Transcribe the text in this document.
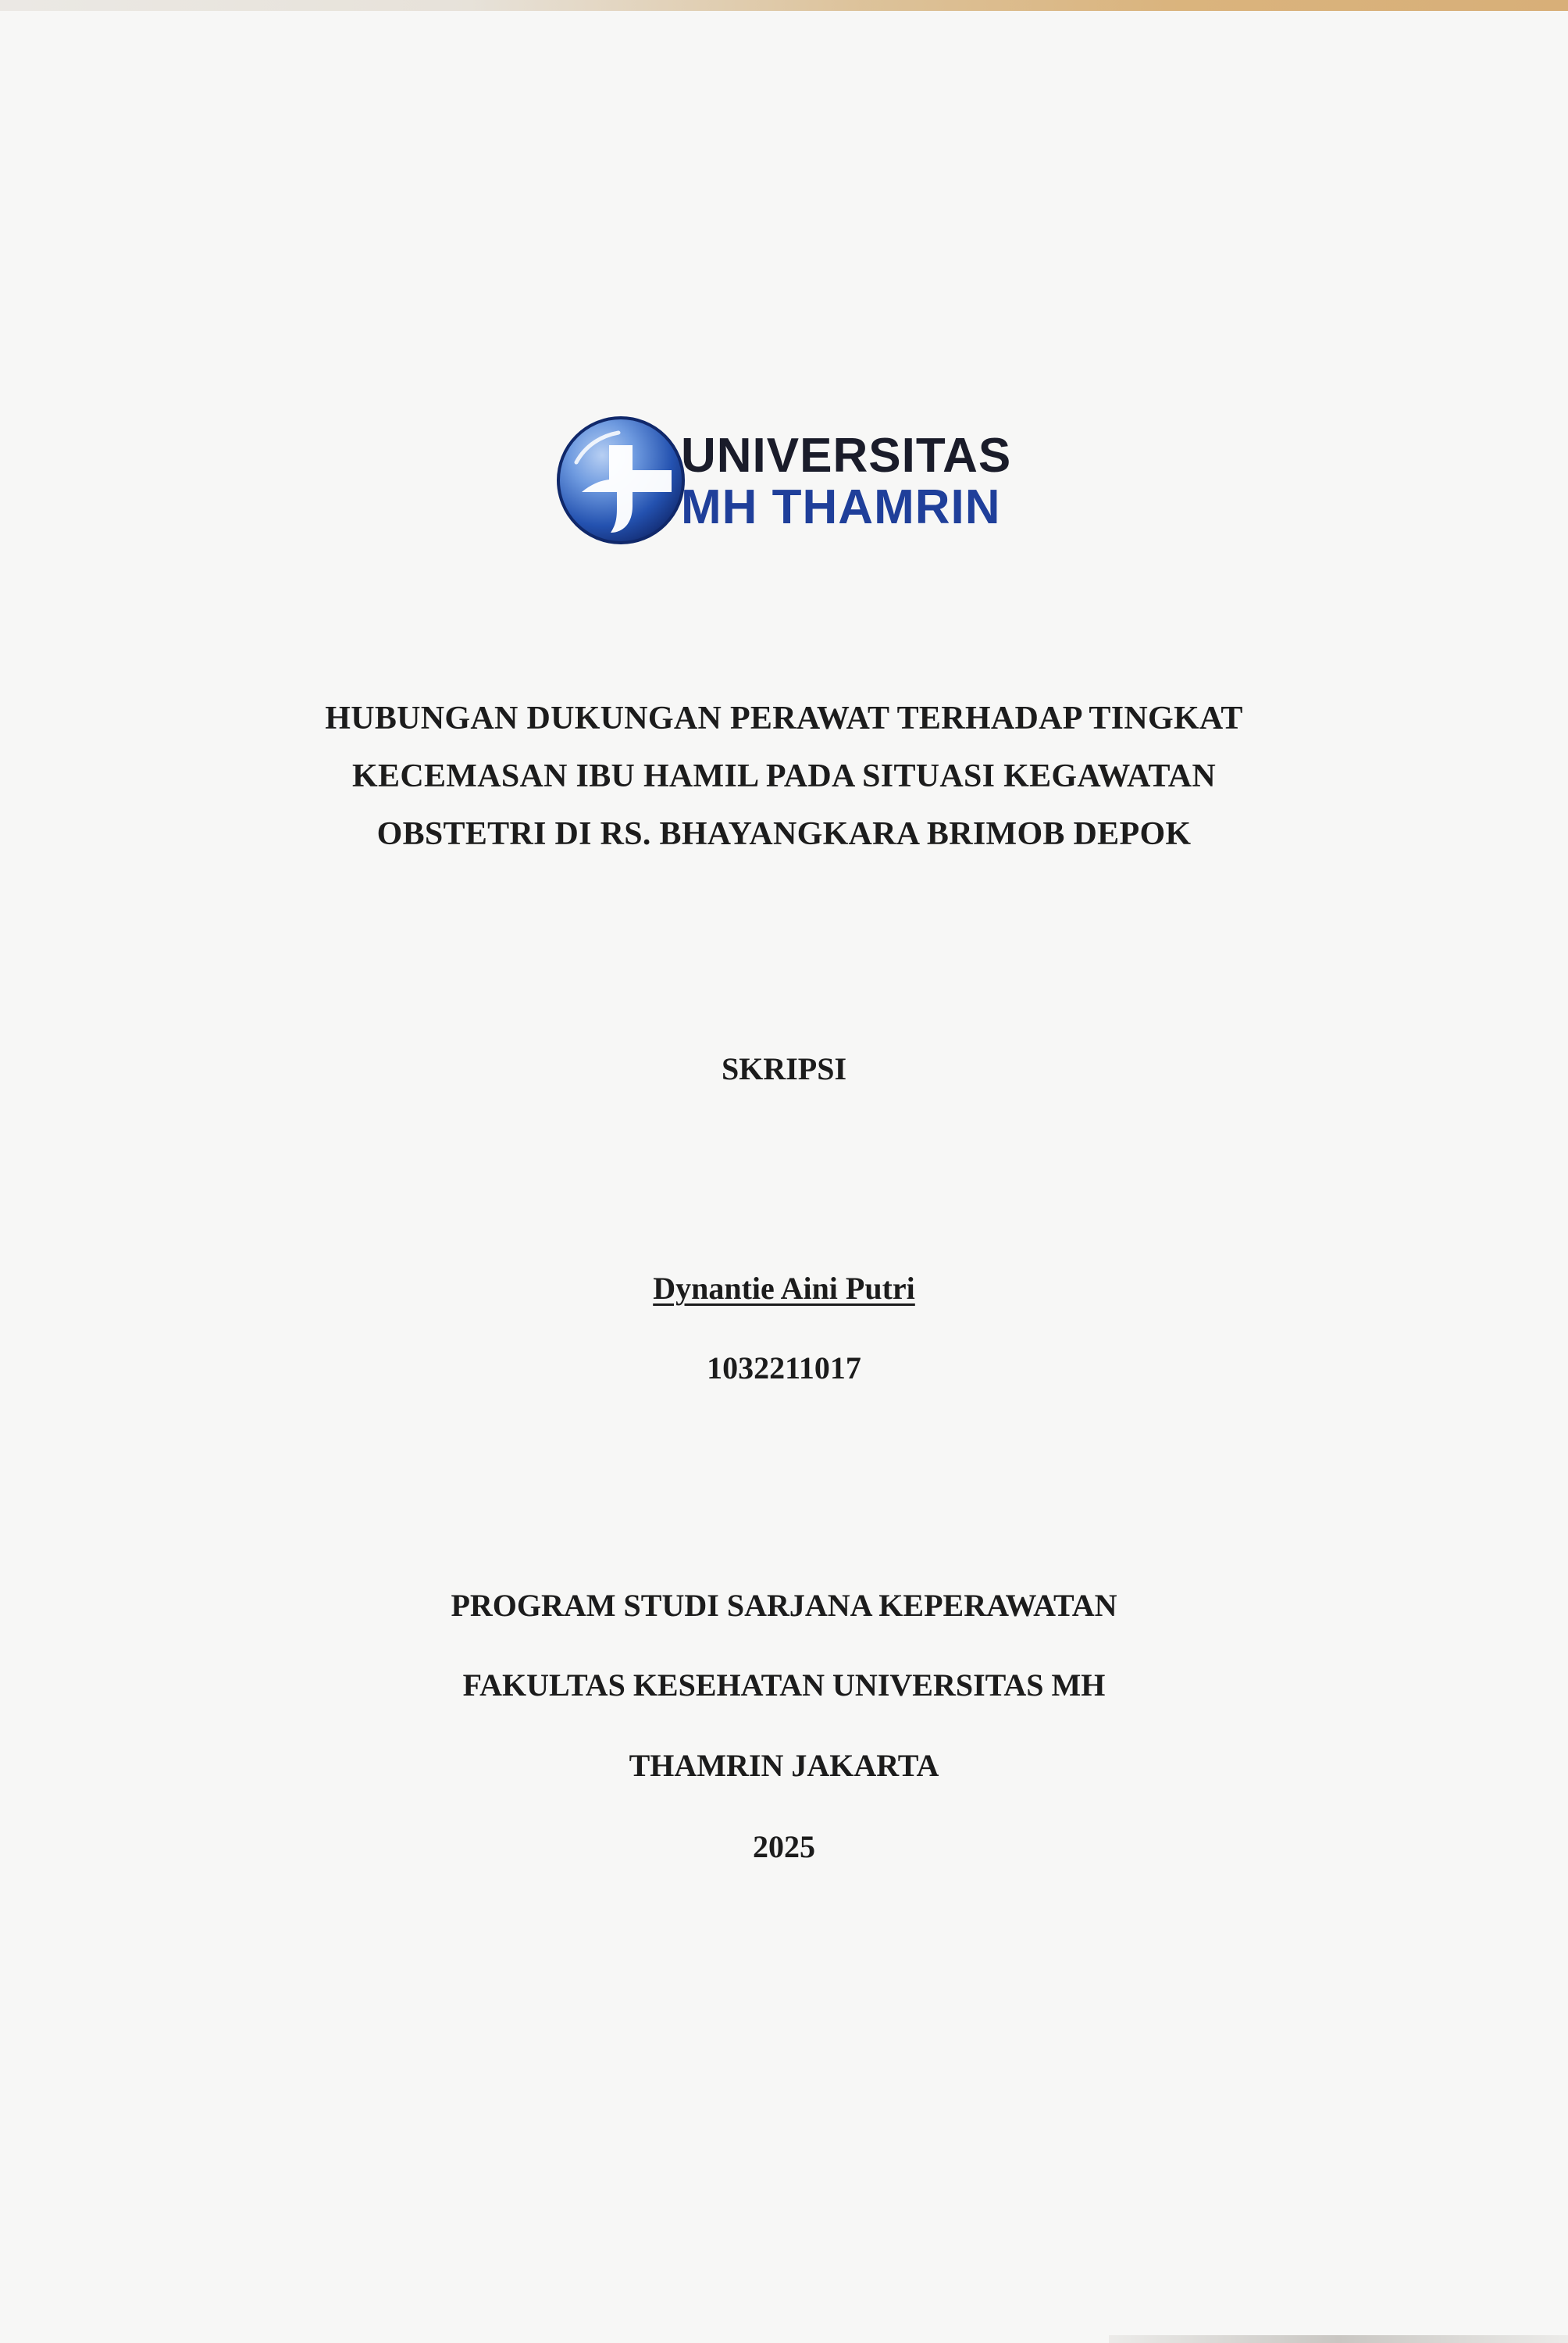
UNIVERSITAS
MH THAMRIN
HUBUNGAN DUKUNGAN PERAWAT TERHADAP TINGKAT
KECEMASAN IBU HAMIL PADA SITUASI KEGAWATAN
OBSTETRI DI RS. BHAYANGKARA BRIMOB DEPOK
SKRIPSI
Dynantie Aini Putri
1032211017
PROGRAM STUDI SARJANA KEPERAWATAN
FAKULTAS KESEHATAN UNIVERSITAS MH
THAMRIN JAKARTA
2025
